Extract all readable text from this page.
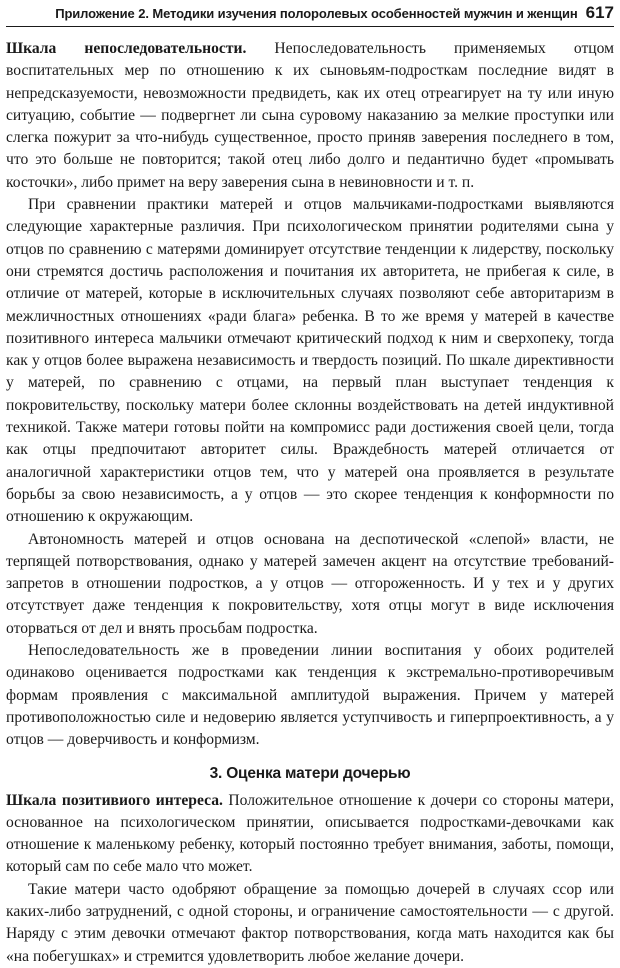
Приложение 2. Методики изучения полоролевых особенностей мужчин и женщин 617

Шкала непоследовательности. Непоследовательность применяемых отцом воспитательных мер по отношению к их сыновьям-подросткам последние видят в непредсказуемости, невозможности предвидеть, как их отец отреагирует на ту или иную ситуацию, событие — подвергнет ли сына суровому наказанию за мелкие проступки или слегка пожурит за что-нибудь существенное, просто приняв заверения последнего в том, что это больше не повторится; такой отец либо долго и педантично будет «промывать косточки», либо примет на веру заверения сына в невиновности и т. п.

При сравнении практики матерей и отцов мальчиками-подростками выявляются следующие характерные различия. При психологическом принятии родителями сына у отцов по сравнению с матерями доминирует отсутствие тенденции к лидерству, поскольку они стремятся достичь расположения и почитания их авторитета, не прибегая к силе, в отличие от матерей, которые в исключительных случаях позволяют себе авторитаризм в межличностных отношениях «ради блага» ребенка. В то же время у матерей в качестве позитивного интереса мальчики отмечают критический подход к ним и сверхопеку, тогда как у отцов более выражена независимость и твердость позиций. По шкале директивности у матерей, по сравнению с отцами, на первый план выступает тенденция к покровительству, поскольку матери более склонны воздействовать на детей индуктивной техникой. Также матери готовы пойти на компромисс ради достижения своей цели, тогда как отцы предпочитают авторитет силы. Враждебность матерей отличается от аналогичной характеристики отцов тем, что у матерей она проявляется в результате борьбы за свою независимость, а у отцов — это скорее тенденция к конформности по отношению к окружающим.

Автономность матерей и отцов основана на деспотической «слепой» власти, не терпящей потворствования, однако у матерей замечен акцент на отсутствие требований-запретов в отношении подростков, а у отцов — отгороженность. И у тех и у других отсутствует даже тенденция к покровительству, хотя отцы могут в виде исключения оторваться от дел и внять просьбам подростка.

Непоследовательность же в проведении линии воспитания у обоих родителей одинаково оценивается подростками как тенденция к экстремально-противоречивым формам проявления с максимальной амплитудой выражения. Причем у матерей противоположностью силе и недоверию является уступчивость и гиперпроективность, а у отцов — доверчивость и конформизм.

3. Оценка матери дочерью

Шкала позитивиого интереса. Положительное отношение к дочери со стороны матери, основанное на психологическом принятии, описывается подростками-девочками как отношение к маленькому ребенку, который постоянно требует внимания, заботы, помощи, который сам по себе мало что может.

Такие матери часто одобряют обращение за помощью дочерей в случаях ссор или каких-либо затруднений, с одной стороны, и ограничение самостоятельности — с другой. Наряду с этим девочки отмечают фактор потворствования, когда мать находится как бы «на побегушках» и стремится удовлетворить любое желание дочери.
